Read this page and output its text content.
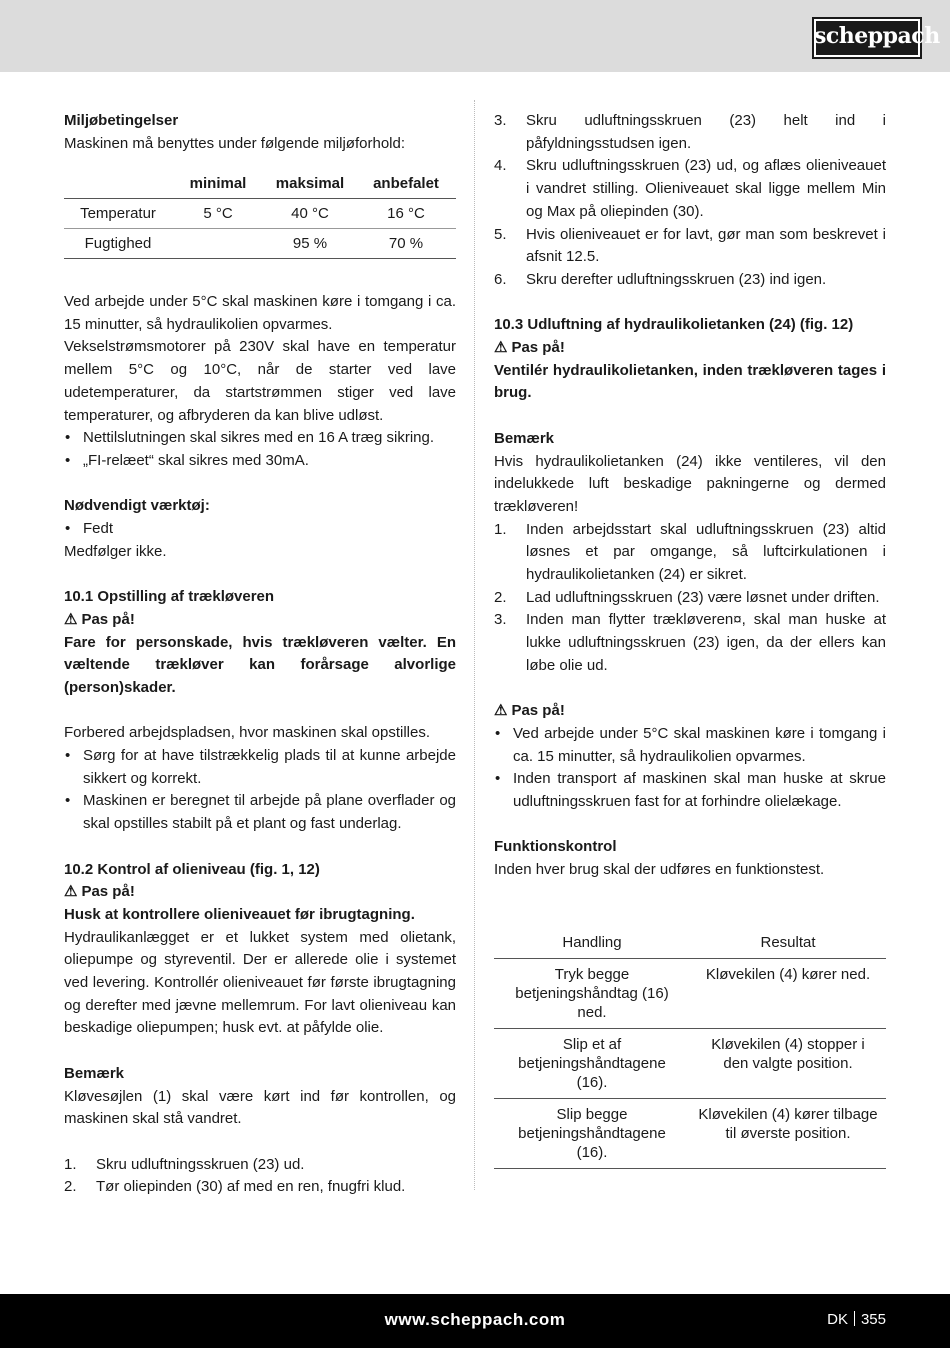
scheppach

Miljøbetingelser

Maskinen må benyttes under følgende miljøforhold:

	minimal	maksimal	anbefalet
Temperatur	5 °C	40 °C	16 °C
Fugtighed		95 %	70 %

Ved arbejde under 5°C skal maskinen køre i tomgang i ca. 15 minutter, så hydraulikolien opvarmes.

Vekselstrømsmotorer på 230V skal have en temperatur mellem 5°C og 10°C, når de starter ved lave udetemperaturer, da startstrømmen stiger ved lave temperaturer, og afbryderen da kan blive udløst.

• Nettilslutningen skal sikres med en 16 A træg sikring.

• „FI-relæet“ skal sikres med 30mA.

Nødvendigt værktøj:

• Fedt

Medfølger ikke.

10.1 Opstilling af trækløveren

⚠ Pas på!

Fare for personskade, hvis trækløveren vælter. En væltende trækløver kan forårsage alvorlige (person)skader.

Forbered arbejdspladsen, hvor maskinen skal opstilles.

• Sørg for at have tilstrækkelig plads til at kunne arbejde sikkert og korrekt.

• Maskinen er beregnet til arbejde på plane overflader og skal opstilles stabilt på et plant og fast underlag.

10.2 Kontrol af olieniveau (fig. 1, 12)

⚠ Pas på!

Husk at kontrollere olieniveauet før ibrugtagning.

Hydraulikanlægget er et lukket system med olietank, oliepumpe og styreventil. Der er allerede olie i systemet ved levering. Kontrollér olieniveauet før første ibrugtagning og derefter med jævne mellemrum. For lavt olieniveau kan beskadige oliepumpen; husk evt. at påfylde olie.

Bemærk

Kløvesøjlen (1) skal være kørt ind før kontrollen, og maskinen skal stå vandret.

1. Skru udluftningsskruen (23) ud.

2. Tør oliepinden (30) af med en ren, fnugfri klud.

3. Skru udluftningsskruen (23) helt ind i påfyldningsstudsen igen.

4. Skru udluftningsskruen (23) ud, og aflæs olieniveauet i vandret stilling. Olieniveauet skal ligge mellem Min og Max på oliepinden (30).

5. Hvis olieniveauet er for lavt, gør man som beskrevet i afsnit 12.5.

6. Skru derefter udluftningsskruen (23) ind igen.

10.3 Udluftning af hydraulikolietanken (24) (fig. 12)

⚠ Pas på!

Ventilér hydraulikolietanken, inden trækløveren tages i brug.

Bemærk

Hvis hydraulikolietanken (24) ikke ventileres, vil den indelukkede luft beskadige pakningerne og dermed trækløveren!

1. Inden arbejdsstart skal udluftningsskruen (23) altid løsnes et par omgange, så luftcirkulationen i hydraulikolietanken (24) er sikret.

2. Lad udluftningsskruen (23) være løsnet under driften.

3. Inden man flytter trækløveren¤, skal man huske at lukke udluftningsskruen (23) igen, da der ellers kan løbe olie ud.

⚠ Pas på!

• Ved arbejde under 5°C skal maskinen køre i tomgang i ca. 15 minutter, så hydraulikolien opvarmes.

• Inden transport af maskinen skal man huske at skrue udluftningsskruen fast for at forhindre olielækage.

Funktionskontrol

Inden hver brug skal der udføres en funktionstest.

Handling	Resultat
Tryk begge betjeningshåndtag (16) ned.	Kløvekilen (4) kører ned.
Slip et af betjeningshåndtagene (16).	Kløvekilen (4) stopper i den valgte position.
Slip begge betjeningshåndtagene (16).	Kløvekilen (4) kører tilbage til øverste position.
www.scheppach.com	DK 355
